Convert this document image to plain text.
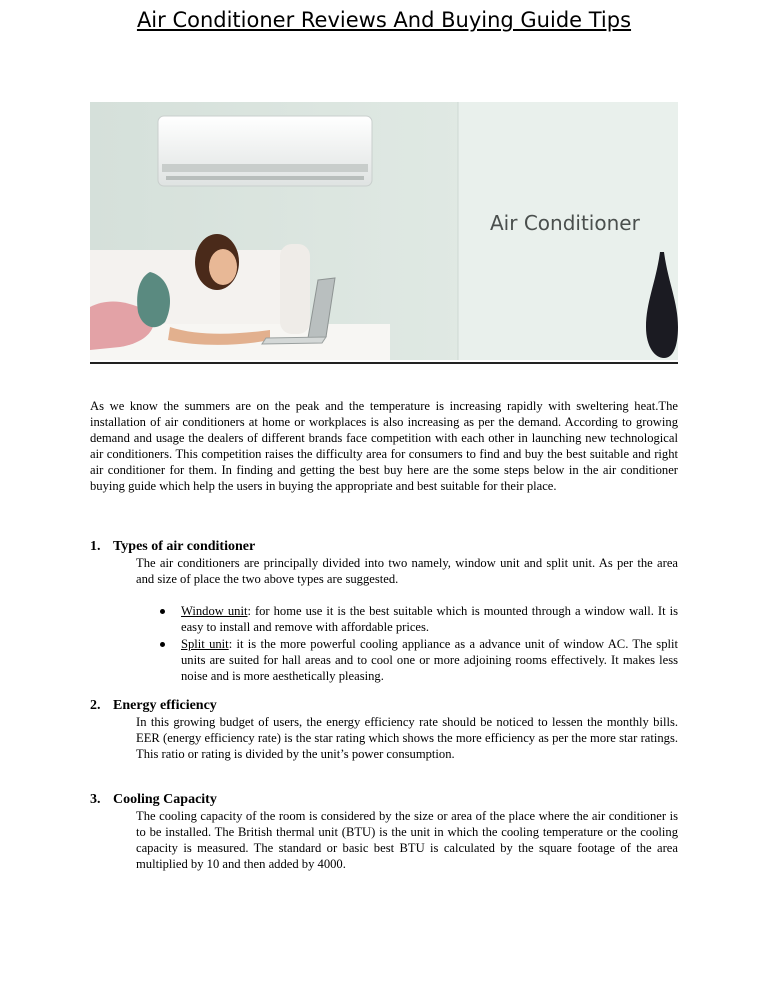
Air Conditioner Reviews And Buying Guide Tips
Air Conditioner
As we know the summers are on the peak and the temperature is increasing rapidly with sweltering heat.The installation of air conditioners at home or workplaces is also increasing as per the demand. According to growing demand and usage the dealers of different brands face competition with each other in launching new technological air conditioners. This competition raises the difficulty area for consumers to find and buy the best suitable and right air conditioner for them. In finding and getting the best buy here are the some steps below in the air conditioner buying guide which help the users in buying the appropriate and best suitable for their place.
1. Types of air conditioner
The air conditioners are principally divided into two namely, window unit and split unit. As per the area and size of place the two above types are suggested.
Window unit: for home use it is the best suitable which is mounted through a window wall. It is easy to install and remove with affordable prices.
Split unit: it is the more powerful cooling appliance as a advance unit of window AC. The split units are suited for hall areas and to cool one or more adjoining rooms effectively. It makes less noise and is more aesthetically pleasing.
2. Energy efficiency
In this growing budget of users, the energy efficiency rate should be noticed to lessen the monthly bills. EER (energy efficiency rate) is the star rating which shows the more efficiency as per the more star ratings. This ratio or rating is divided by the unit’s power consumption.
3. Cooling Capacity
The cooling capacity of the room is considered by the size or area of the place where the air conditioner is to be installed. The British thermal unit (BTU) is the unit in which the cooling temperature or the cooling capacity is measured. The standard or basic best BTU is calculated by the square footage of the area multiplied by 10 and then added by 4000.
